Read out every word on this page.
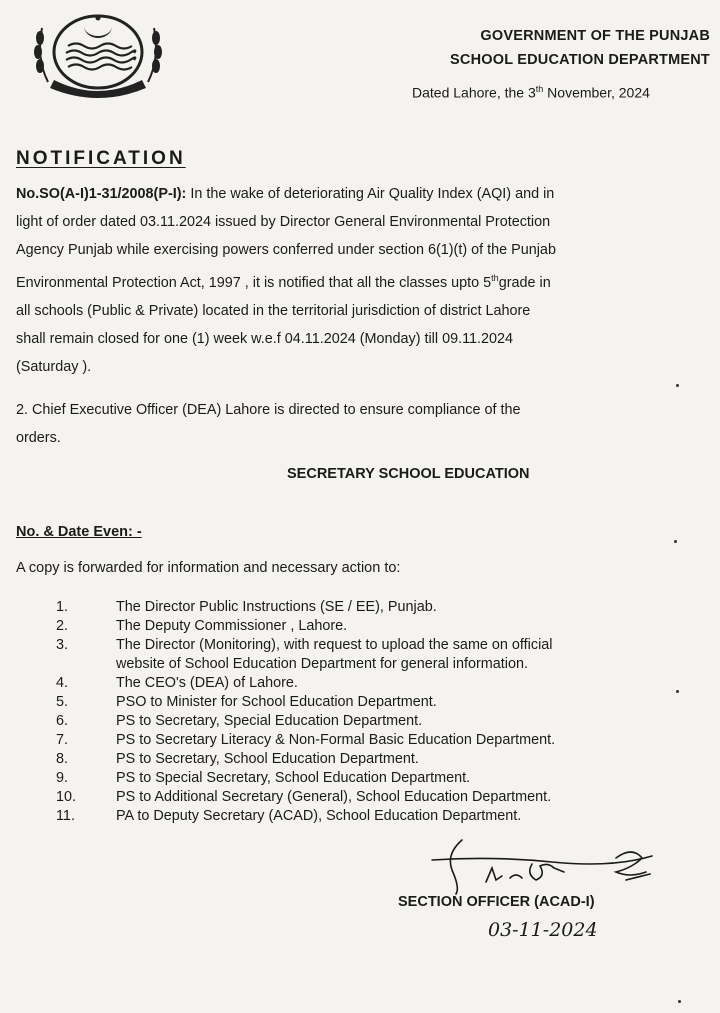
GOVERNMENT OF THE PUNJAB
SCHOOL EDUCATION DEPARTMENT
Dated Lahore, the 3th November, 2024
NOTIFICATION
No.SO(A-I)1-31/2008(P-I): In the wake of deteriorating Air Quality Index (AQI) and in
light of order dated 03.11.2024 issued by Director General Environmental Protection
Agency Punjab while exercising powers conferred under section 6(1)(t) of the Punjab
Environmental Protection Act, 1997 , it is notified that all the classes upto 5thgrade in
all schools (Public & Private) located in the territorial jurisdiction of district Lahore
shall remain closed for one (1) week w.e.f 04.11.2024 (Monday) till 09.11.2024
(Saturday ).
2. Chief Executive Officer (DEA) Lahore is directed to ensure compliance of the
orders.
SECRETARY SCHOOL EDUCATION
No. & Date Even: -
A copy is forwarded for information and necessary action to:
1.	The Director Public Instructions (SE / EE), Punjab.
2.	The Deputy Commissioner , Lahore.
3.	The Director (Monitoring), with request to upload the same on official
website of School Education Department for general information.
4.	The CEO's (DEA) of Lahore.
5.	PSO to Minister for School Education Department.
6.	PS to Secretary, Special Education Department.
7.	PS to Secretary Literacy & Non-Formal Basic Education Department.
8.	PS to Secretary, School Education Department.
9.	PS to Special Secretary, School Education Department.
10.	PS to Additional Secretary (General), School Education Department.
11.	PA to Deputy Secretary (ACAD), School Education Department.
SECTION OFFICER (ACAD-I)
03-11-2024
